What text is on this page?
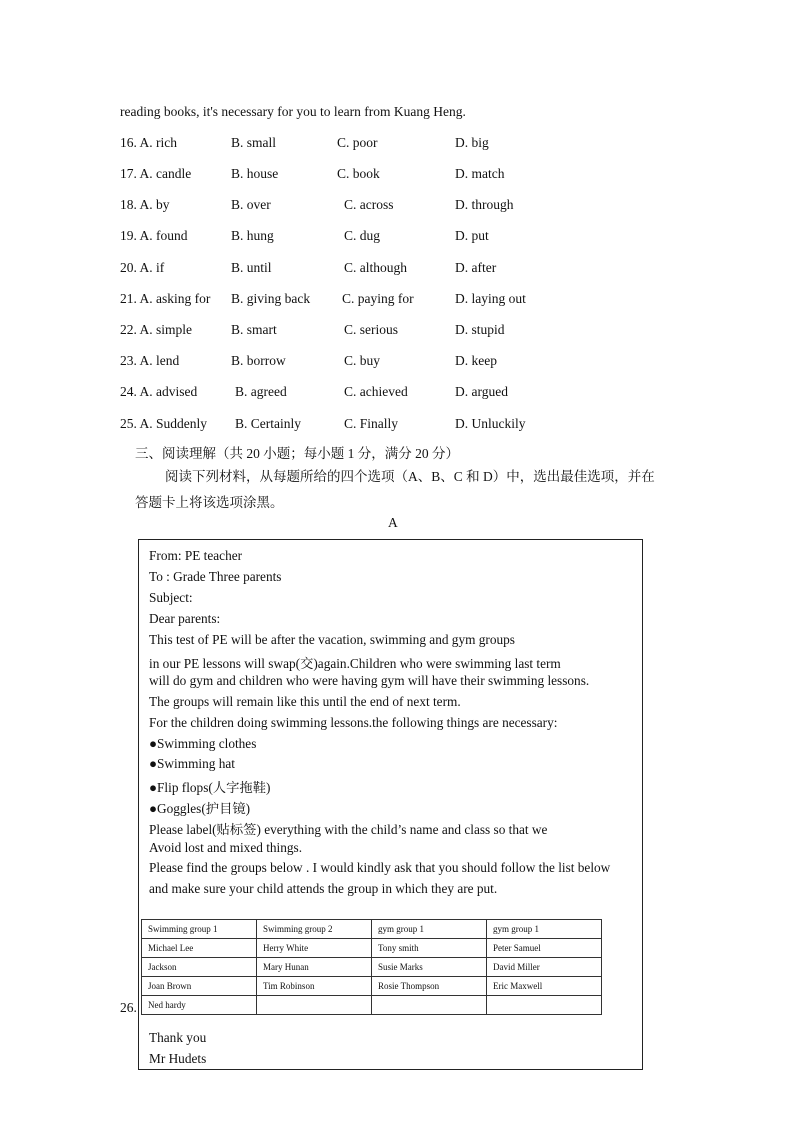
reading books, it's necessary for you to learn from Kuang Heng.
16. A. rich	B. small	C. poor	D. big
17. A. candle	B. house	C. book	D. match
18. A. by	B. over	C. across	D. through
19. A. found	B. hung	C. dug	D. put
20. A. if	B. until	C. although	D. after
21. A. asking for B. giving back C. paying for	D. laying out
22. A. simple	B. smart	C. serious	D. stupid
23. A. lend	B. borrow	C. buy	D. keep
24. A. advised	B. agreed	C. achieved	D. argued
25. A. Suddenly B. Certainly	C. Finally	D. Unluckily
三、阅读理解（共 20 小题；每小题 1 分，满分 20 分）
阅读下列材料，从每题所给的四个选项（A、B、C 和 D）中，选出最佳选项，并在
答题卡上将该选项涂黑。
A
26.
From: PE teacher
To : Grade Three parents
Subject:
Dear parents:
This test of PE will be after the vacation, swimming and gym groups
in our PE lessons will swap(交)again.Children who were swimming last term
will do gym and children who were having gym will have their swimming lessons.
The groups will remain like this until the end of next term.
For the children doing swimming lessons.the following things are necessary:
●Swimming clothes
●Swimming hat
●Flip flops(人字拖鞋)
●Goggles(护目镜)
Please label(贴标签) everything with the child’s name and class so that we
Avoid lost and mixed things.
Please find the groups below . I would kindly ask that you should follow the list below
and make sure your child attends the group in which they are put.
Swimming group 1	Swimming group 2	gym group 1	gym group 1
Michael Lee	Herry White	Tony smith	Peter Samuel
Jackson	Mary Hunan	Susie Marks	David Miller
Joan Brown	Tim Robinson	Rosie Thompson	Eric Maxwell
Ned hardy			
Thank you
Mr Hudets
